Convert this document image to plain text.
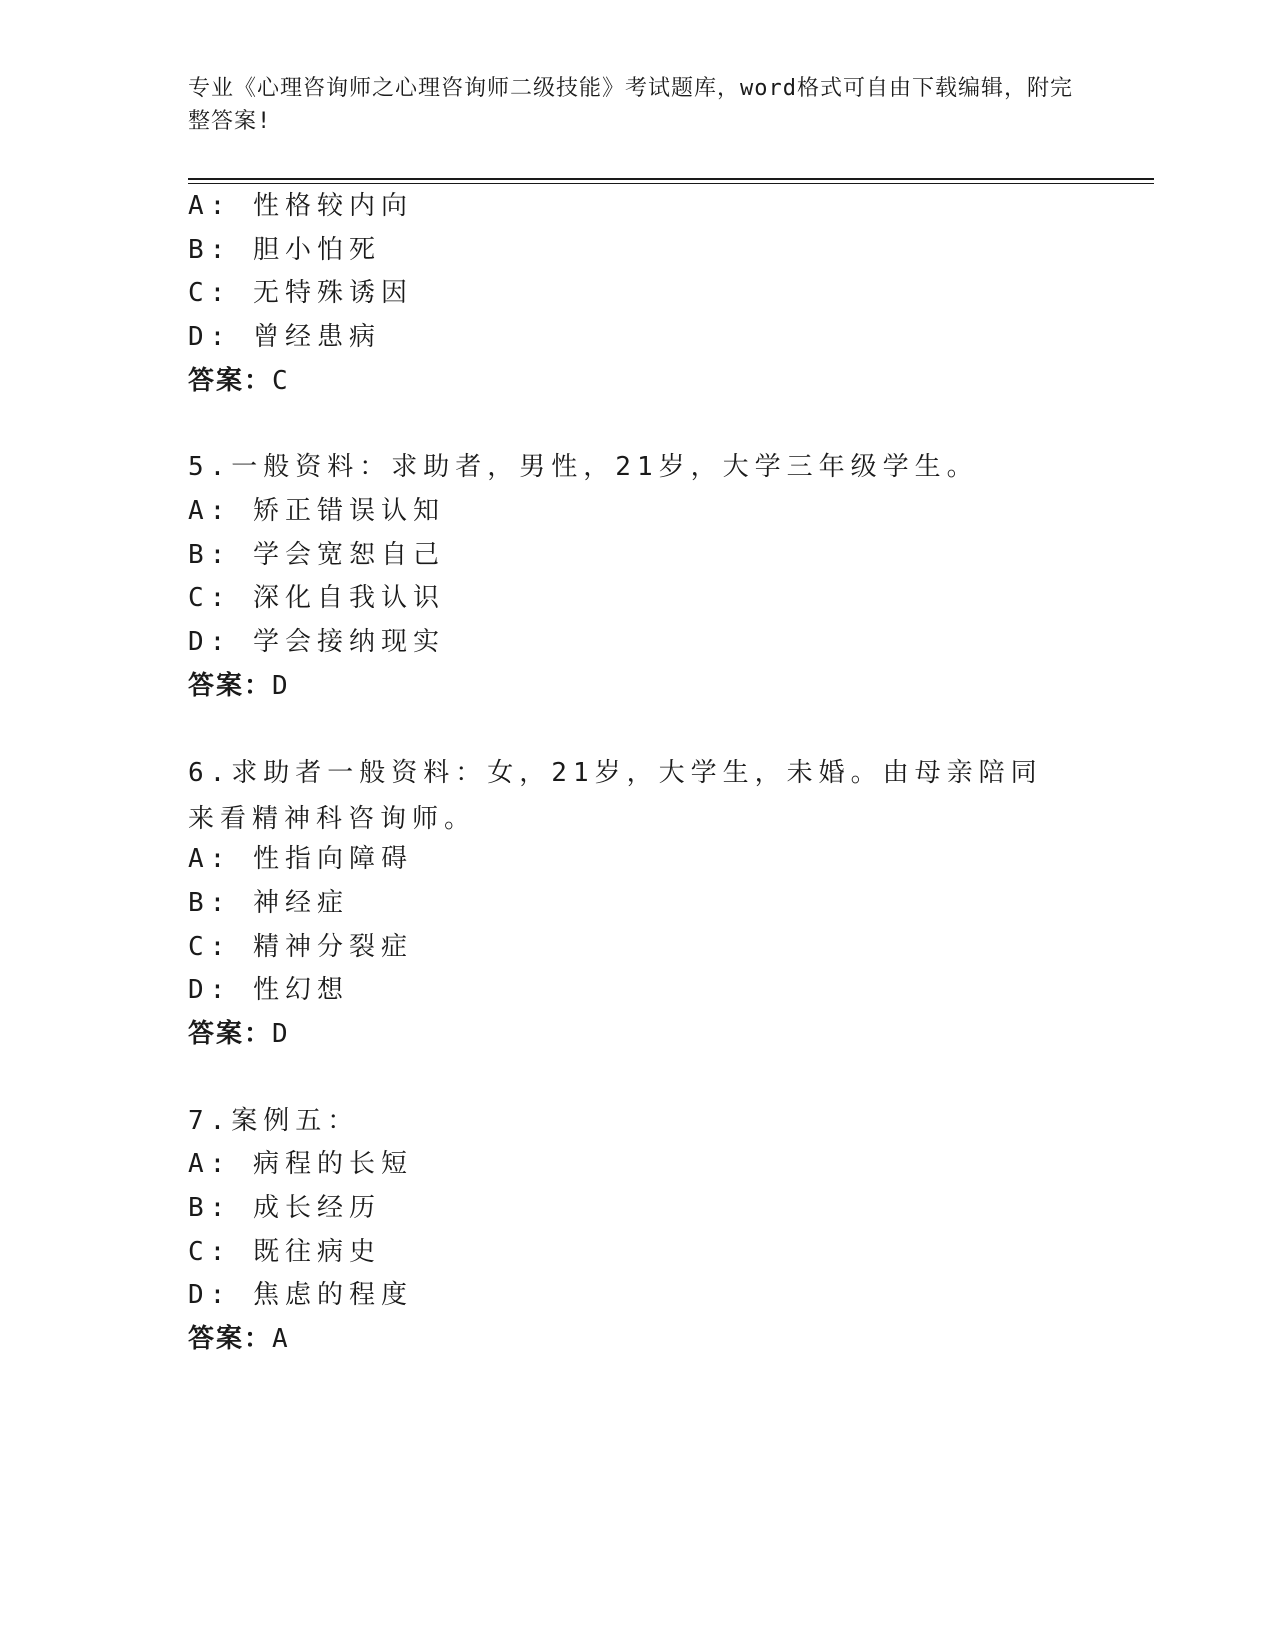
专业《心理咨询师之心理咨询师二级技能》考试题库，word格式可自由下载编辑，附完整答案!
A: 性格较内向
B: 胆小怕死
C: 无特殊诱因
D: 曾经患病
答案：C
5.一般资料：求助者，男性，21岁，大学三年级学生。
A: 矫正错误认知
B: 学会宽恕自己
C: 深化自我认识
D: 学会接纳现实
答案：D
6.求助者一般资料：女，21岁，大学生，未婚。由母亲陪同来看精神科咨询师。
A: 性指向障碍
B: 神经症
C: 精神分裂症
D: 性幻想
答案：D
7.案例五：
A: 病程的长短
B: 成长经历
C: 既往病史
D: 焦虑的程度
答案：A
